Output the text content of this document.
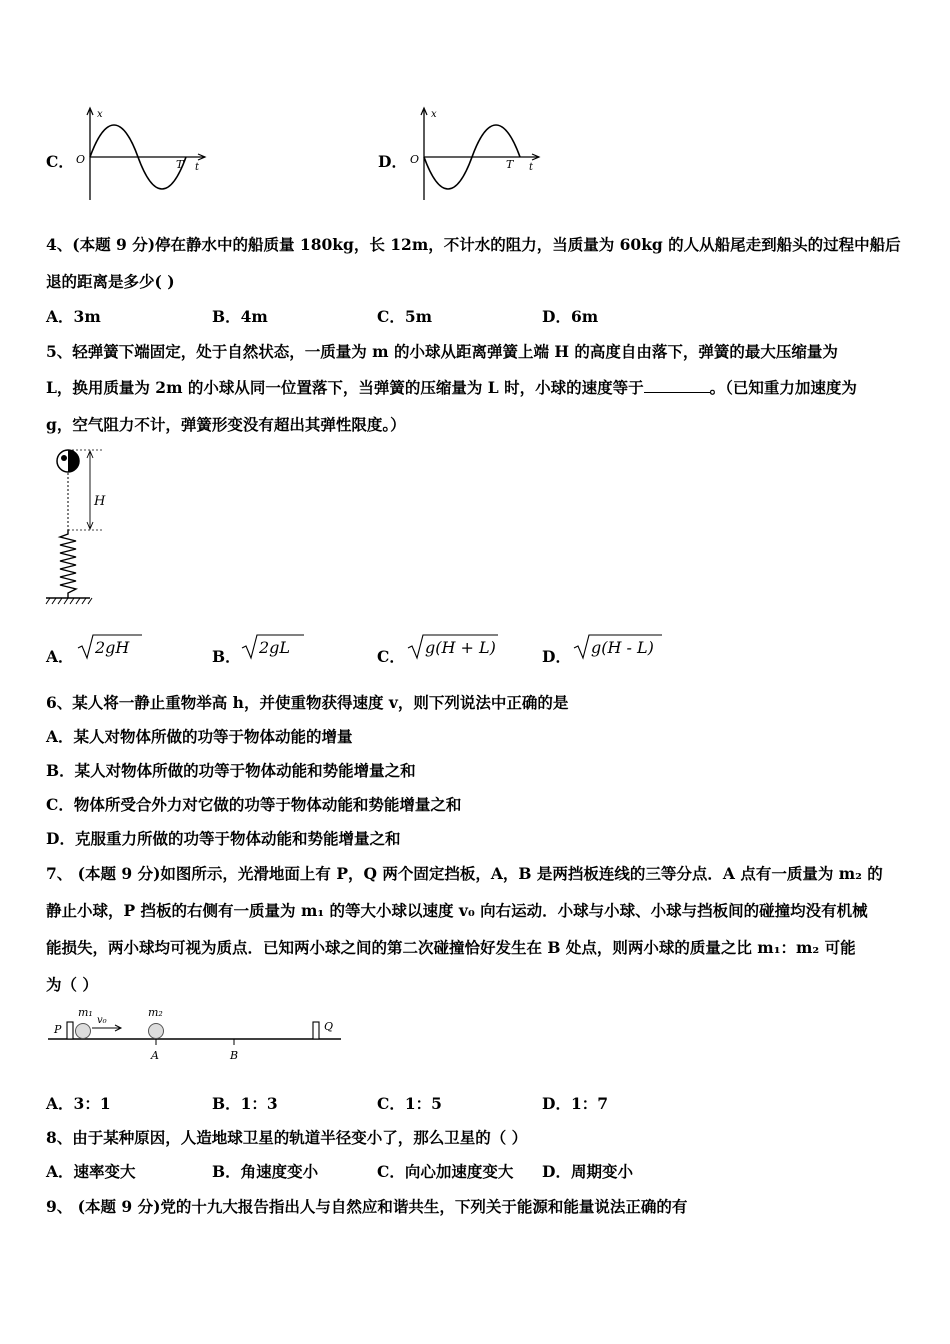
C．
x
O	T t	D．
x
O	T t
4、(本题 9 分)停在静水中的船质量 180kg，长 12m，不计水的阻力，当质量为 60kg 的人从船尾走到船头的过程中船后
退的距离是多少( )
A．3m	B．4m	C．5m	D．6m
5、轻弹簧下端固定，处于自然状态，一质量为 m 的小球从距离弹簧上端 H 的高度自由落下，弹簧的最大压缩量为
L，换用质量为 2m 的小球从同一位置落下，当弹簧的压缩量为 L 时，小球的速度等于	。（已知重力加速度为
g，空气阻力不计，弹簧形变没有超出其弹性限度。）
H
A． 2gH	B． 2gL	C． g(H + L)	D． g(H - L)
6、某人将一静止重物举高 h，并使重物获得速度 v，则下列说法中正确的是
A．某人对物体所做的功等于物体动能的增量
B．某人对物体所做的功等于物体动能和势能增量之和
C．物体所受合外力对它做的功等于物体动能和势能增量之和
D．克服重力所做的功等于物体动能和势能增量之和
7、 (本题 9 分)如图所示，光滑地面上有 P，Q 两个固定挡板，A，B 是两挡板连线的三等分点．A 点有一质量为 m₂ 的
静止小球，P 挡板的右侧有一质量为 m₁ 的等大小球以速度 v₀ 向右运动．小球与小球、小球与挡板间的碰撞均没有机械
能损失，两小球均可视为质点．已知两小球之间的第二次碰撞恰好发生在 B 处点，则两小球的质量之比 m₁：m₂ 可能
为（ ）
P	Q
m₁	m₂
v₀
A	B
A．3：1	B．1：3	C．1：5	D．1：7
8、由于某种原因，人造地球卫星的轨道半径变小了，那么卫星的（ ）
A．速率变大	B．角速度变小	C．向心加速度变大 D．周期变小
9、 (本题 9 分)党的十九大报告指出人与自然应和谐共生，下列关于能源和能量说法正确的有
